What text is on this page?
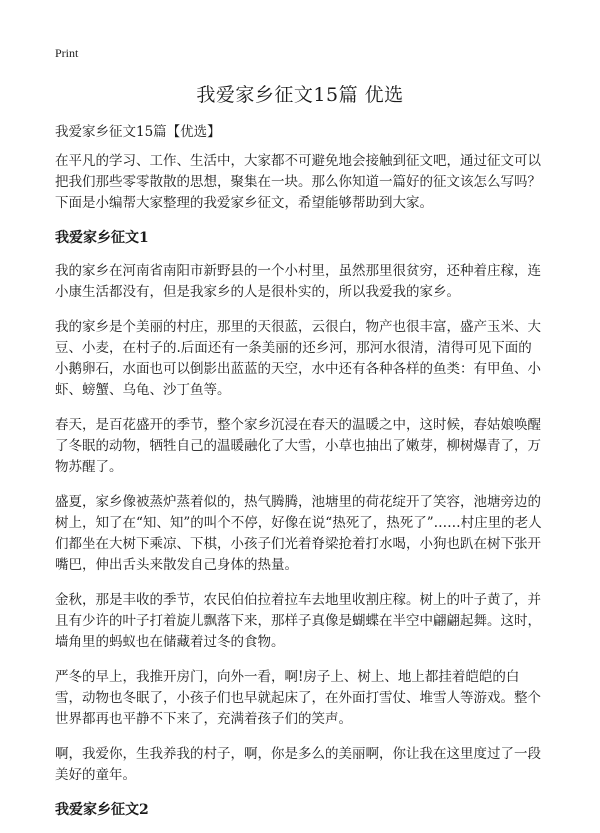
Print
我爱家乡征文15篇 优选
我爱家乡征文15篇【优选】

在平凡的学习、工作、生活中，大家都不可避免地会接触到征文吧，通过征文可以把我们那些零零散散的思想，聚集在一块。那么你知道一篇好的征文该怎么写吗？下面是小编帮大家整理的我爱家乡征文，希望能够帮助到大家。

我爱家乡征文1

我的家乡在河南省南阳市新野县的一个小村里，虽然那里很贫穷，还种着庄稼，连小康生活都没有，但是我家乡的人是很朴实的，所以我爱我的家乡。

我的家乡是个美丽的村庄，那里的天很蓝，云很白，物产也很丰富，盛产玉米、大豆、小麦，在村子的.后面还有一条美丽的还乡河，那河水很清，清得可见下面的小鹅卵石，水面也可以倒影出蓝蓝的天空，水中还有各种各样的鱼类：有甲鱼、小虾、螃蟹、乌龟、沙丁鱼等。

春天，是百花盛开的季节，整个家乡沉浸在春天的温暖之中，这时候，春姑娘唤醒了冬眠的动物，牺牲自己的温暖融化了大雪，小草也抽出了嫩芽，柳树爆青了，万物苏醒了。

盛夏，家乡像被蒸炉蒸着似的，热气腾腾，池塘里的荷花绽开了笑容，池塘旁边的树上，知了在“知、知”的叫个不停，好像在说“热死了，热死了”……村庄里的老人们都坐在大树下乘凉、下棋，小孩子们光着脊梁抢着打水喝，小狗也趴在树下张开嘴巴，伸出舌头来散发自己身体的热量。

金秋，那是丰收的季节，农民伯伯拉着拉车去地里收割庄稼。树上的叶子黄了，并且有少许的叶子打着旋儿飘落下来，那样子真像是蝴蝶在半空中翩翩起舞。这时，墙角里的蚂蚁也在储藏着过冬的食物。

严冬的早上，我推开房门，向外一看，啊!房子上、树上、地上都挂着皑皑的白雪，动物也冬眠了，小孩子们也早就起床了，在外面打雪仗、堆雪人等游戏。整个世界都再也平静不下来了，充满着孩子们的笑声。

啊，我爱你，生我养我的村子，啊，你是多么的美丽啊，你让我在这里度过了一段美好的童年。

我爱家乡征文2
